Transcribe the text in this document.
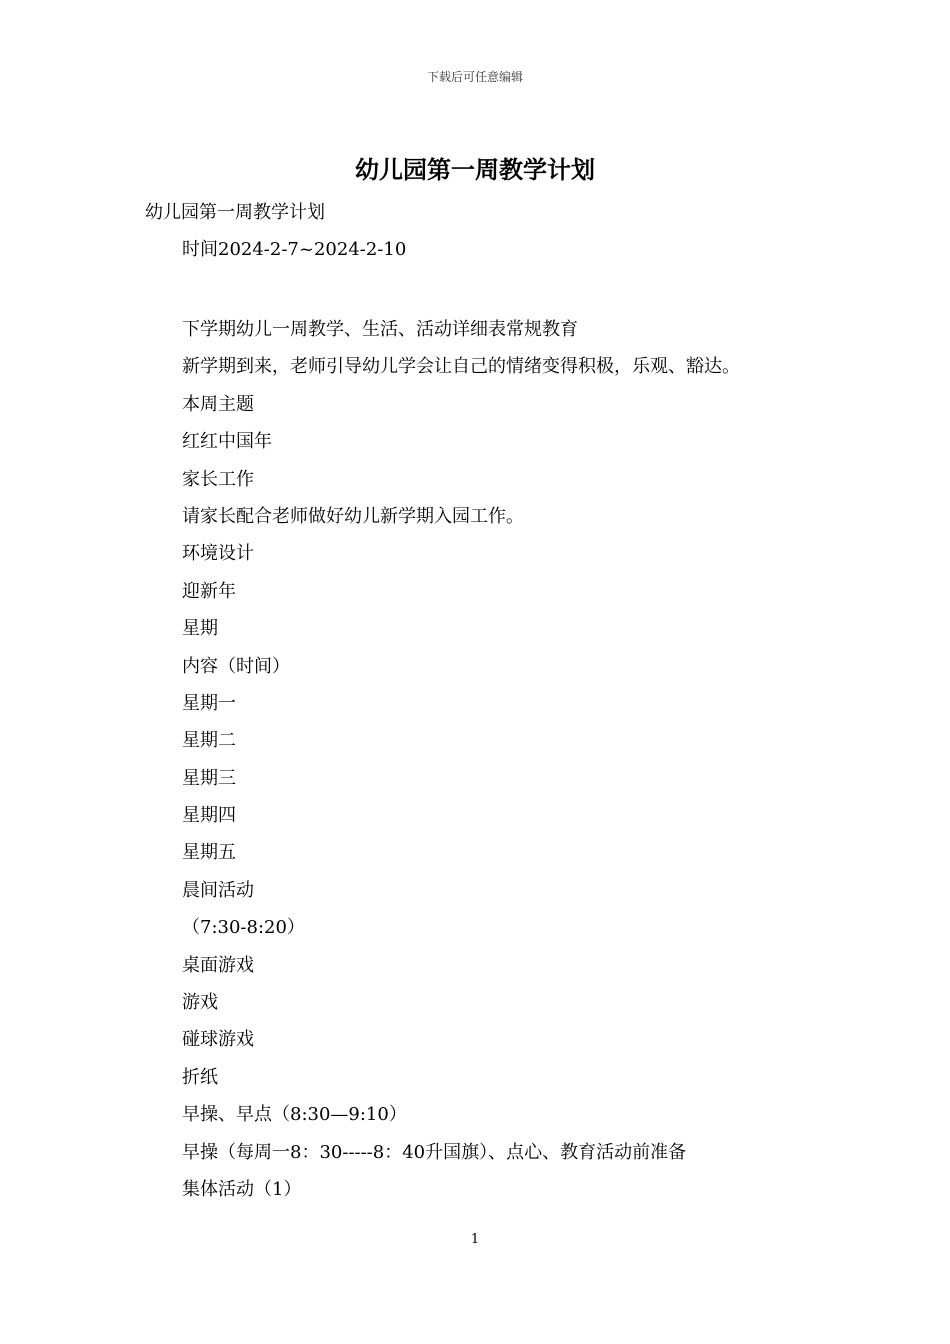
下载后可任意编辑
幼儿园第一周教学计划

幼儿园第一周教学计划

时间2024-2-7~2024-2-10

下学期幼儿一周教学、生活、活动详细表常规教育
新学期到来，老师引导幼儿学会让自己的情绪变得积极，乐观、豁达。
本周主题
红红中国年
家长工作
请家长配合老师做好幼儿新学期入园工作。
环境设计
迎新年
星期
内容（时间）
星期一
星期二
星期三
星期四
星期五
晨间活动
（7:30-8:20）
桌面游戏
游戏
碰球游戏
折纸
早操、早点（8:30—9:10）
早操（每周一8：30-----8：40升国旗）、点心、教育活动前准备
集体活动（1）
1
